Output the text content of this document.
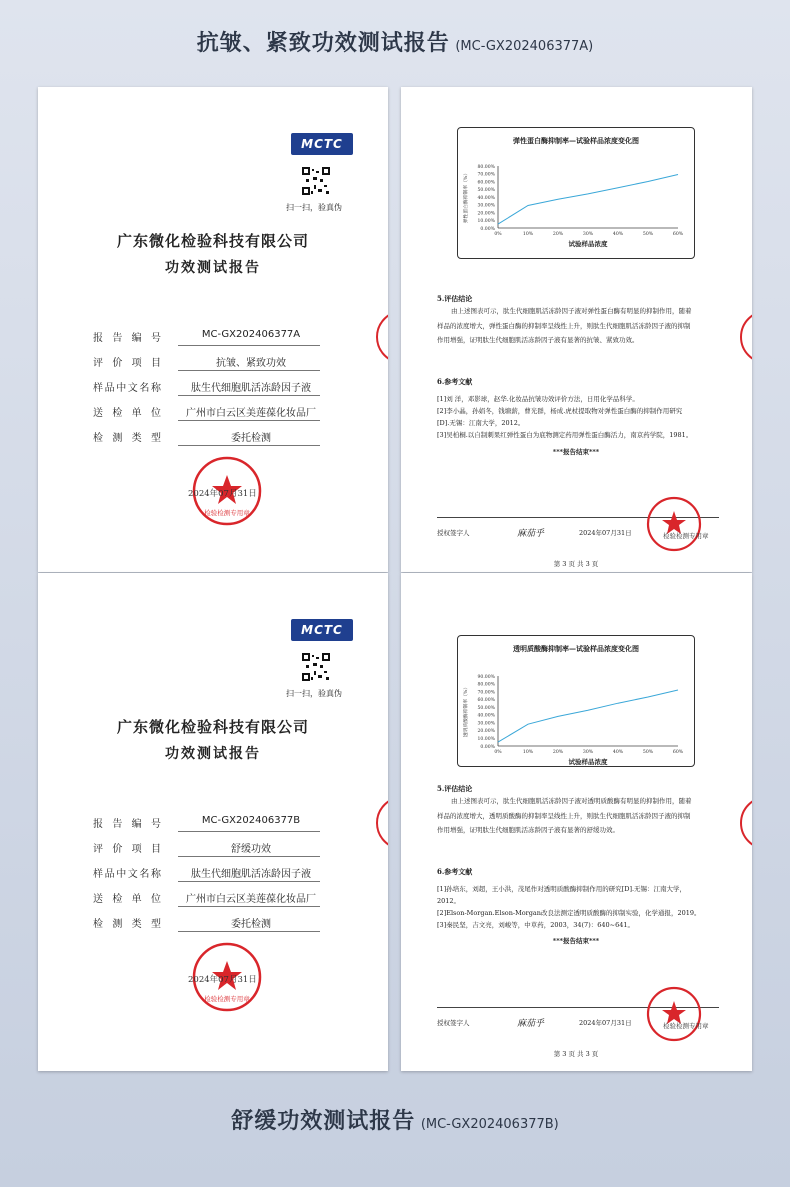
抗皱、紧致功效测试报告 (MC-GX202406377A)
MCTC
扫一扫，验真伪
广东微化检验科技有限公司
功效测试报告
报告编号	MC-GX202406377A
评价项目	抗皱、紧致功效
样品中文名称	肽生代细胞肌活冻龄因子液
送检单位	广州市白云区美莲葆化妆品厂
检测类型	委托检测
检验检测专用章
2024年07月31日
弹性蛋白酶抑制率—试验样品浓度变化图
0.00%
10.00%
20.00%
30.00%
40.00%
50.00%
60.00%
70.00%
80.00%
0%	10%	20%	30%	40%	50%	60%
试验样品浓度
弹性蛋白酶抑制率（%）
5.评估结论
由上述图表可示，肽生代细胞肌活冻龄因子液对弹性蛋白酶有明显的抑制作用，随着
样品的浓度增大，弹性蛋白酶的抑制率呈线性上升，则肽生代细胞肌活冻龄因子液的抑制
作用增强，证明肽生代细胞肌活冻龄因子液有显著的抗皱、紧致功效。
6.参考文献
[1]刘 洋，邓影球，赵华.化妆品抗皱功效评价方法，日用化学品科学。
[2]李小晶，孙娟冬，钱塘薪，曹光群，杨成.虎杖提取物对弹性蛋白酶的抑制作用研究
[D].无锡：江南大学，2012。
[3]吴柏桐.以自制刺果红弹性蛋白为底物测定药用弹性蛋白酶活力，南京药学院，1981。
***报告结束***
授权签字人	麻茄乎	2024年07月31日	检验检测专用章
第 3 页 共 3 页
MCTC
扫一扫，验真伪
广东微化检验科技有限公司
功效测试报告
报告编号	MC-GX202406377B
评价项目	舒缓功效
样品中文名称	肽生代细胞肌活冻龄因子液
送检单位	广州市白云区美莲葆化妆品厂
检测类型	委托检测
检验检测专用章
2024年07月31日
透明质酸酶抑制率—试验样品浓度变化图
0.00%
10.00%
20.00%
30.00%
40.00%
50.00%
60.00%
70.00%
80.00%
90.00%
0%	10%	20%	30%	40%	50%	60%
试验样品浓度
透明质酸酶抑制率（%）
5.评估结论
由上述图表可示，肽生代细胞肌活冻龄因子液对透明质酸酶有明显的抑制作用，随着
样品的浓度增大，透明质酸酶的抑制率呈线性上升，则肽生代细胞肌活冻龄因子液的抑制
作用增强，证明肽生代细胞肌活冻龄因子液有显著的舒缓功效。
6.参考文献
[1]孙培东，刘超，王小洪，茂尾作对透明质酸酶抑制作用的研究[D].无锡：江南大学，
2012。
[2]Elson-Morgan.Elson-Morgan改良法测定透明质酸酶的抑制实验，化学通报，2019。
[3]秦民坚，吉文亮，刘峻等，中草药，2003，34(7)：640~641。
***报告结束***
授权签字人	麻茄乎	2024年07月31日	检验检测专用章
第 3 页 共 3 页
舒缓功效测试报告 (MC-GX202406377B)
